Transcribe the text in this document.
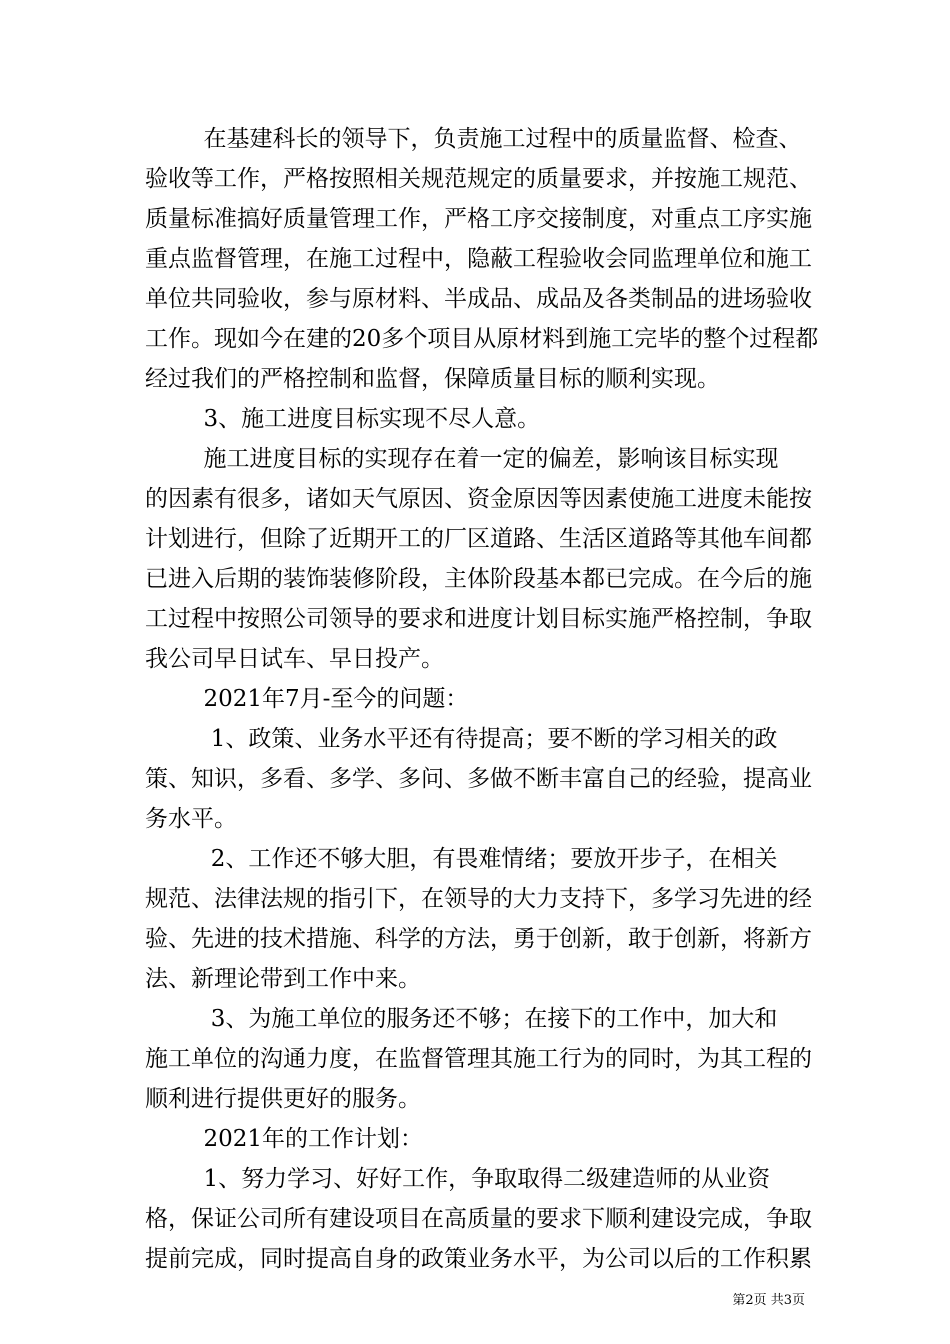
在基建科长的领导下，负责施工过程中的质量监督、检查、
验收等工作，严格按照相关规范规定的质量要求，并按施工规范、
质量标准搞好质量管理工作，严格工序交接制度，对重点工序实施
重点监督管理，在施工过程中，隐蔽工程验收会同监理单位和施工
单位共同验收，参与原材料、半成品、成品及各类制品的进场验收
工作。现如今在建的20多个项目从原材料到施工完毕的整个过程都
经过我们的严格控制和监督，保障质量目标的顺利实现。
3、施工进度目标实现不尽人意。
施工进度目标的实现存在着一定的偏差，影响该目标实现
的因素有很多，诸如天气原因、资金原因等因素使施工进度未能按
计划进行，但除了近期开工的厂区道路、生活区道路等其他车间都
已进入后期的装饰装修阶段，主体阶段基本都已完成。在今后的施
工过程中按照公司领导的要求和进度计划目标实施严格控制，争取
我公司早日试车、早日投产。
2021年7月-至今的问题：
1、政策、业务水平还有待提高；要不断的学习相关的政
策、知识，多看、多学、多问、多做不断丰富自己的经验，提高业
务水平。
2、工作还不够大胆，有畏难情绪；要放开步子，在相关
规范、法律法规的指引下，在领导的大力支持下，多学习先进的经
验、先进的技术措施、科学的方法，勇于创新，敢于创新，将新方
法、新理论带到工作中来。
3、为施工单位的服务还不够；在接下的工作中，加大和
施工单位的沟通力度，在监督管理其施工行为的同时，为其工程的
顺利进行提供更好的服务。
2021年的工作计划：
1、努力学习、好好工作，争取取得二级建造师的从业资
格，保证公司所有建设项目在高质量的要求下顺利建设完成，争取
提前完成，同时提高自身的政策业务水平，为公司以后的工作积累
第2页 共3页
